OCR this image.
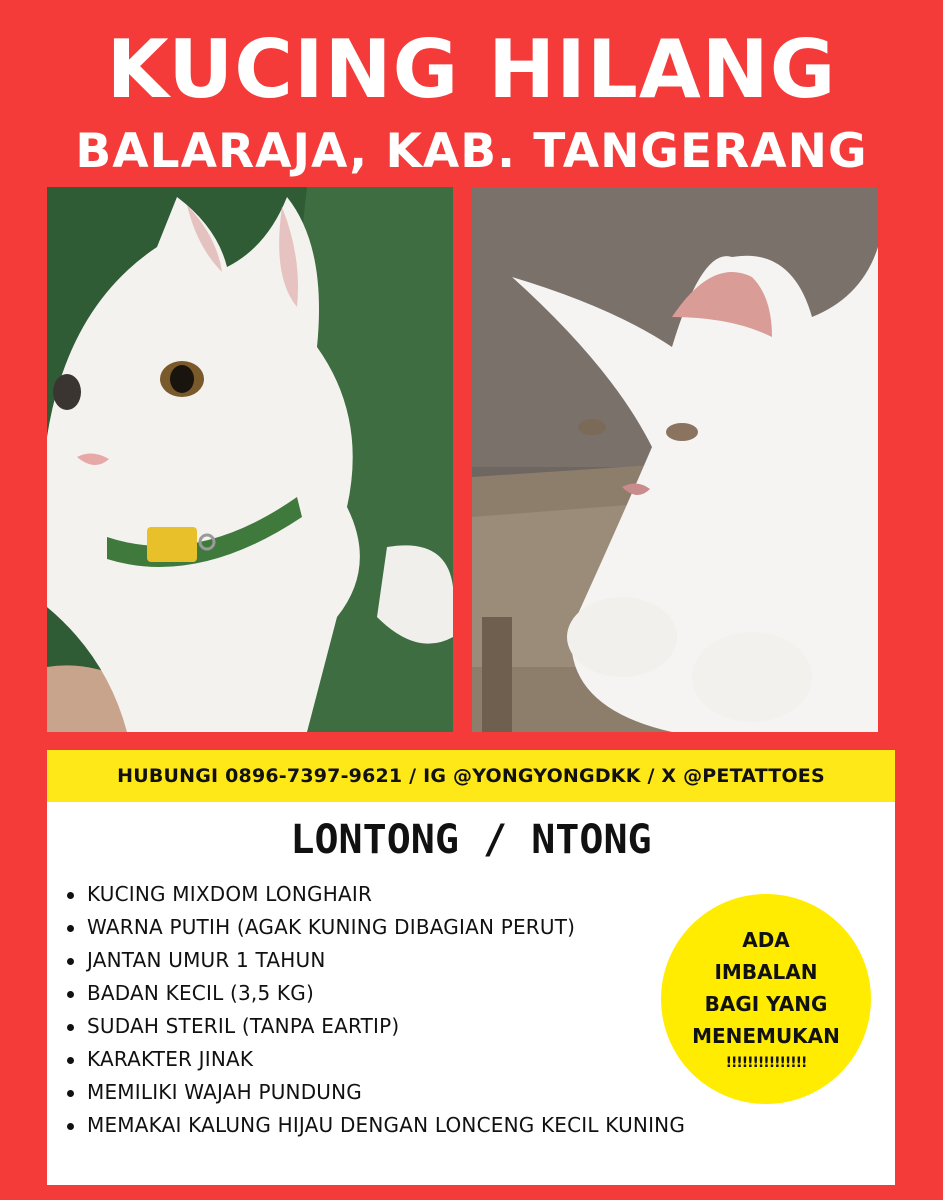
KUCING HILANG
BALARAJA, KAB. TANGERANG
HUBUNGI 0896-7397-9621 / IG @YONGYONGDKK / X @PETATTOES
LONTONG / NTONG
KUCING MIXDOM LONGHAIR
WARNA PUTIH (AGAK KUNING DIBAGIAN PERUT)
JANTAN UMUR 1 TAHUN
BADAN KECIL (3,5 KG)
SUDAH STERIL (TANPA EARTIP)
KARAKTER JINAK
MEMILIKI WAJAH PUNDUNG
MEMAKAI KALUNG HIJAU DENGAN LONCENG KECIL KUNING
ADA
IMBALAN
BAGI YANG
MENEMUKAN
!!!!!!!!!!!!!!!
